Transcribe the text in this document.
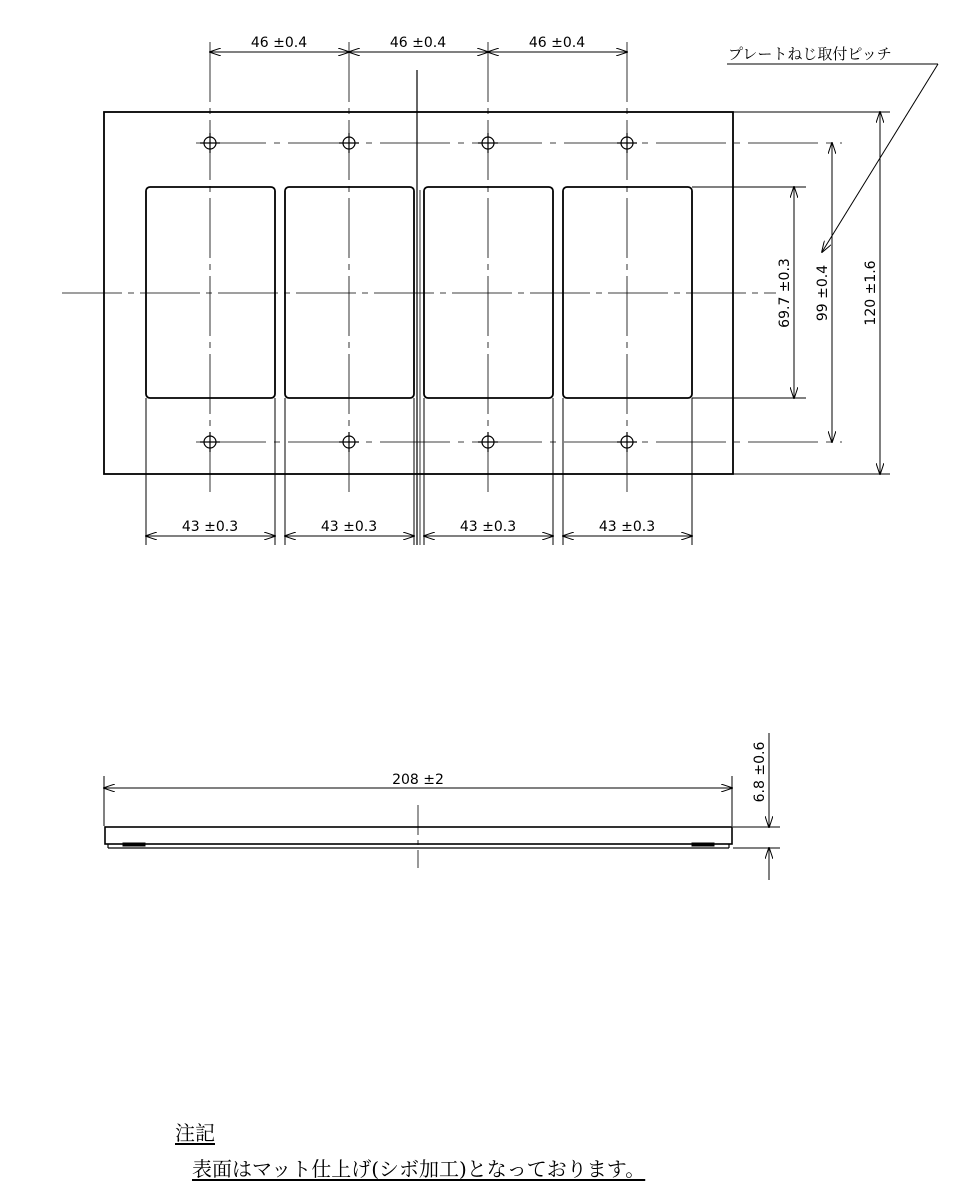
46 ±0.4	46 ±0.4	46 ±0.4
43 ±0.3	43 ±0.3	43 ±0.3	43 ±0.3
69.7 ±0.3 99 ±0.4 120 ±1.6
プレートねじ取付ピッチ
208 ±2	6.8 ±0.6
注記
表面はマット仕上げ(シボ加工)となっております。
